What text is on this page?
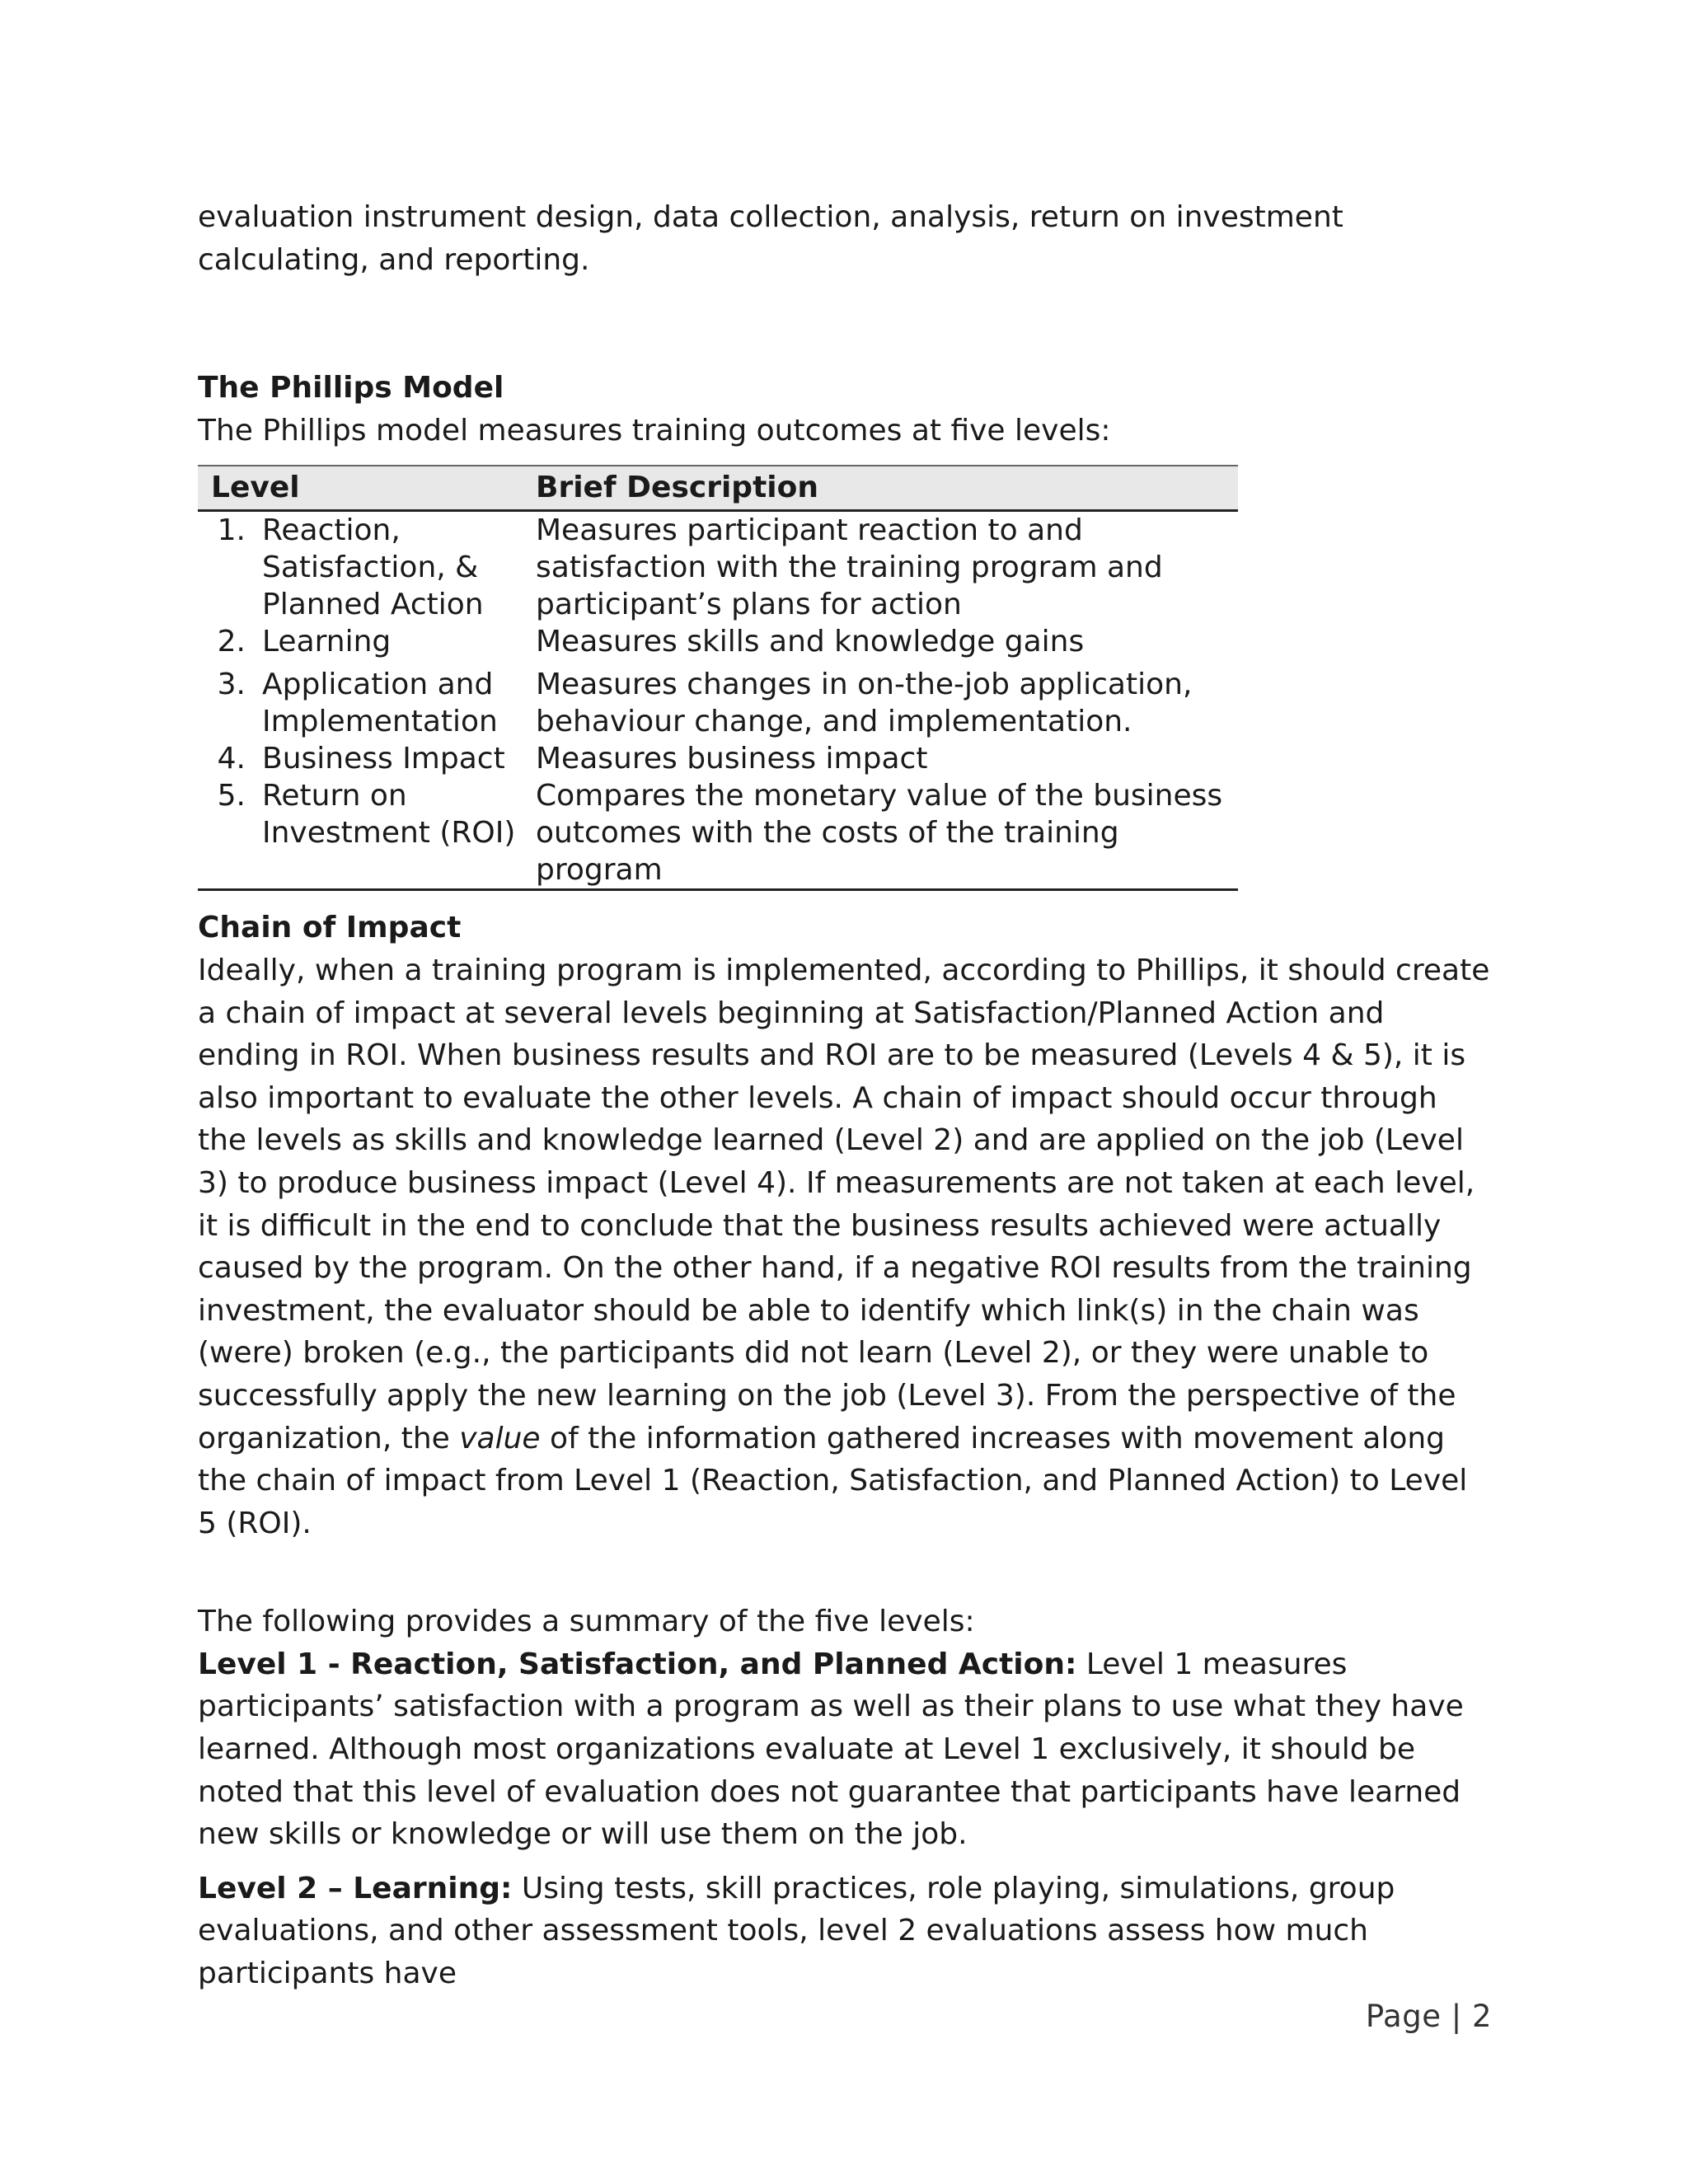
evaluation instrument design, data collection, analysis, return on investment calculating, and reporting.

The Phillips Model

The Phillips model measures training outcomes at five levels:

Level	Brief Description

1. Reaction, Satisfaction, & Planned Action	Measures participant reaction to and satisfaction with the training program and participant’s plans for action

2. Learning	Measures skills and knowledge gains

3. Application and Implementation	Measures changes in on-the-job application, behaviour change, and implementation.

4. Business Impact	Measures business impact

5. Return on Investment (ROI)	Compares the monetary value of the business outcomes with the costs of the training program

Chain of Impact

Ideally, when a training program is implemented, according to Phillips, it should create a chain of impact at several levels beginning at Satisfaction/Planned Action and ending in ROI. When business results and ROI are to be measured (Levels 4 & 5), it is also important to evaluate the other levels. A chain of impact should occur through the levels as skills and knowledge learned (Level 2) and are applied on the job (Level 3) to produce business impact (Level 4). If measurements are not taken at each level, it is difficult in the end to conclude that the business results achieved were actually caused by the program. On the other hand, if a negative ROI results from the training investment, the evaluator should be able to identify which link(s) in the chain was (were) broken (e.g., the participants did not learn (Level 2), or they were unable to successfully apply the new learning on the job (Level 3). From the perspective of the organization, the value of the information gathered increases with movement along the chain of impact from Level 1 (Reaction, Satisfaction, and Planned Action) to Level 5 (ROI).

The following provides a summary of the five levels:

Level 1 - Reaction, Satisfaction, and Planned Action: Level 1 measures participants’ satisfaction with a program as well as their plans to use what they have learned. Although most organizations evaluate at Level 1 exclusively, it should be noted that this level of evaluation does not guarantee that participants have learned new skills or knowledge or will use them on the job.

Level 2 – Learning: Using tests, skill practices, role playing, simulations, group evaluations, and other assessment tools, level 2 evaluations assess how much participants have

Page | 2
